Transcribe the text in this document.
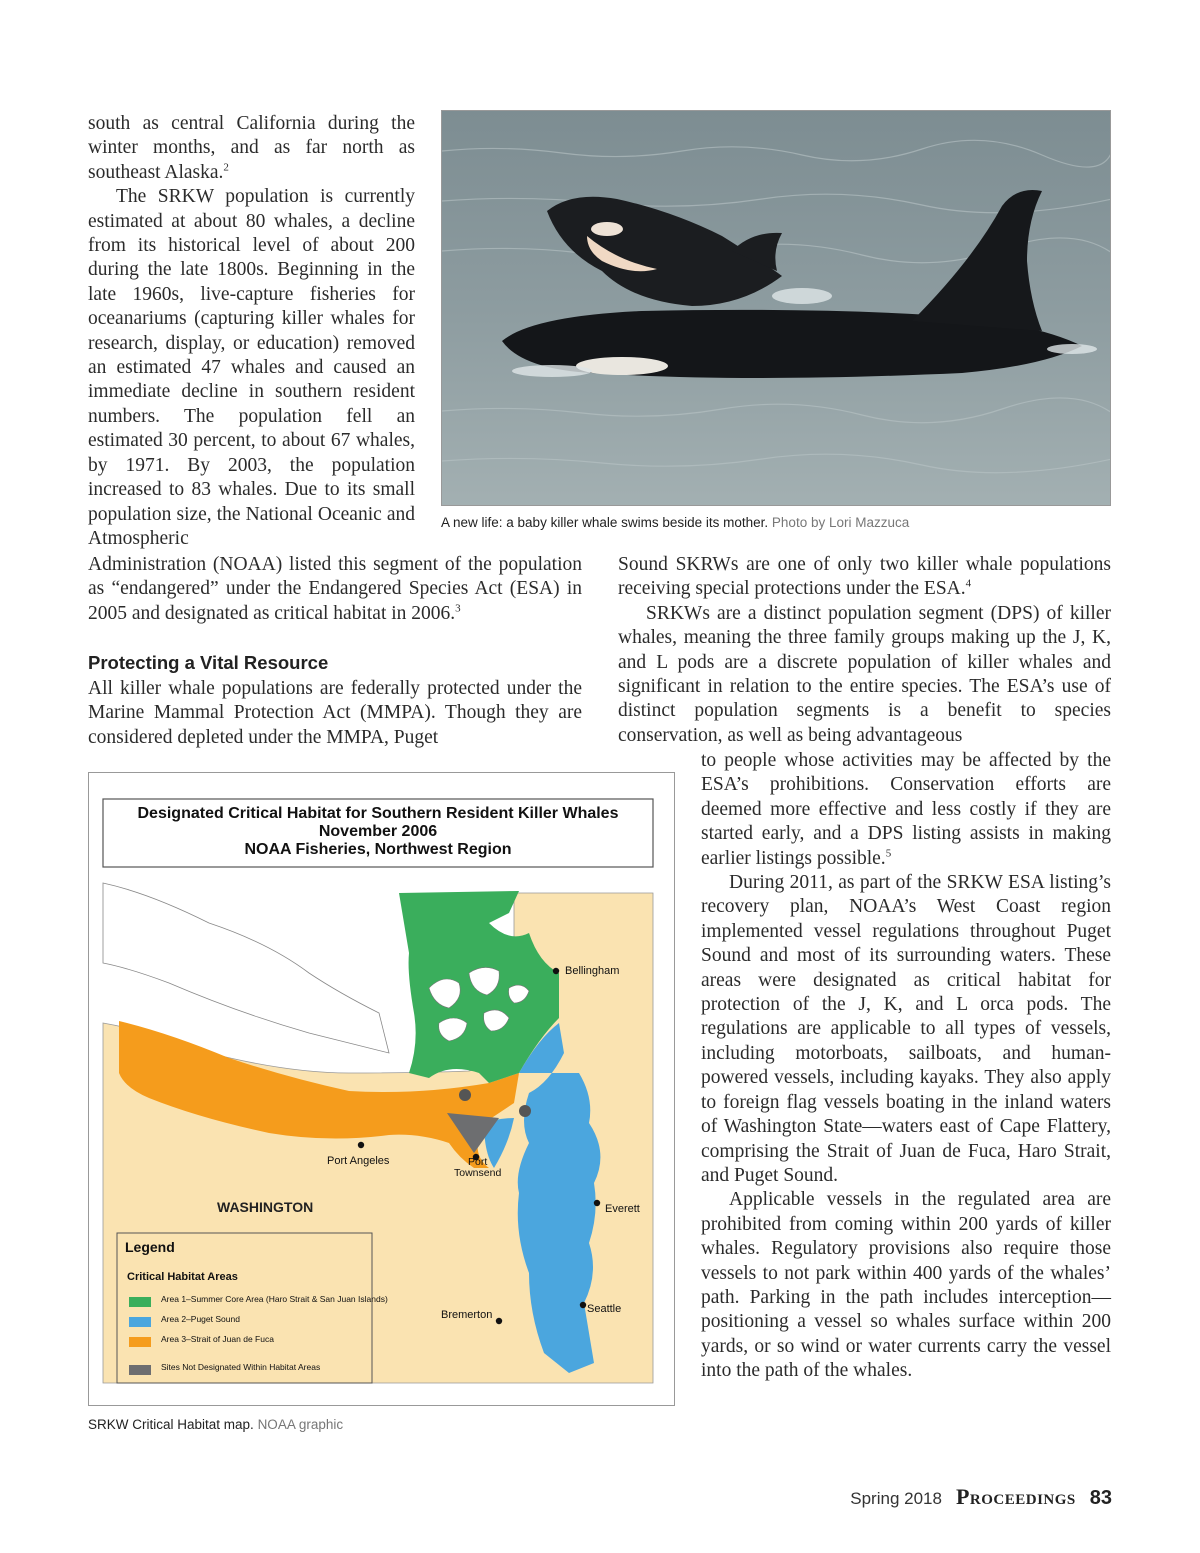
south as central California during the winter months, and as far north as southeast Alaska.$^2$

The SRKW population is currently estimated at about 80 whales, a decline from its historical level of about 200 during the late 1800s. Beginning in the late 1960s, live-capture fisheries for oceanariums (capturing killer whales for research, display, or education) removed an estimated 47 whales and caused an immediate decline in southern resident numbers. The population fell an estimated 30 percent, to about 67 whales, by 1971. By 2003, the population increased to 83 whales. Due to its small population size, the National Oceanic and Atmospheric

A new life: a baby killer whale swims beside its mother. Photo by Lori Mazzuca

Administration (NOAA) listed this segment of the population as “endangered” under the Endangered Species Act (ESA) in 2005 and designated as critical habitat in 2006.$^3$

Protecting a Vital Resource

All killer whale populations are federally protected under the Marine Mammal Protection Act (MMPA). Though they are considered depleted under the MMPA, Puget

Sound SKRWs are one of only two killer whale populations receiving special protections under the ESA.$^4$

SRKWs are a distinct population segment (DPS) of killer whales, meaning the three family groups making up the J, K, and L pods are a discrete population of killer whales and significant in relation to the entire species. The ESA’s use of distinct population segments is a benefit to species conservation, as well as being advantageous

to people whose activities may be affected by the ESA’s prohibitions. Conservation efforts are deemed more effective and less costly if they are started early, and a DPS listing assists in making earlier listings possible.$^5$

During 2011, as part of the SRKW ESA listing’s recovery plan, NOAA’s West Coast region implemented vessel regulations throughout Puget Sound and most of its surrounding waters. These areas were designated as critical habitat for protection of the J, K, and L orca pods. The regulations are applicable to all types of vessels, including motorboats, sailboats, and human-powered vessels, including kayaks. They also apply to foreign flag vessels boating in the inland waters of Washington State—waters east of Cape Flattery, comprising the Strait of Juan de Fuca, Haro Strait, and Puget Sound.

Applicable vessels in the regulated area are prohibited from coming within 200 yards of killer whales. Regulatory provisions also require those vessels to not park within 400 yards of the whales’ path. Parking in the path includes interception—positioning a vessel so whales surface within 200 yards, or so wind or water currents carry the vessel into the path of the whales.

Designated Critical Habitat for Southern Resident Killer Whales
November 2006
NOAA Fisheries, Northwest Region
Bellingham
Port Angeles	Port
Townsend
WASHINGTON	Everett
Bremerton	Seattle
Legend
Critical Habitat Areas
Area 1–Summer Core Area (Haro Strait & San Juan Islands)
Area 2–Puget Sound
Area 3–Strait of Juan de Fuca
Sites Not Designated Within Habitat Areas
SRKW Critical Habitat map. NOAA graphic
Spring 2018 Proceedings 83
